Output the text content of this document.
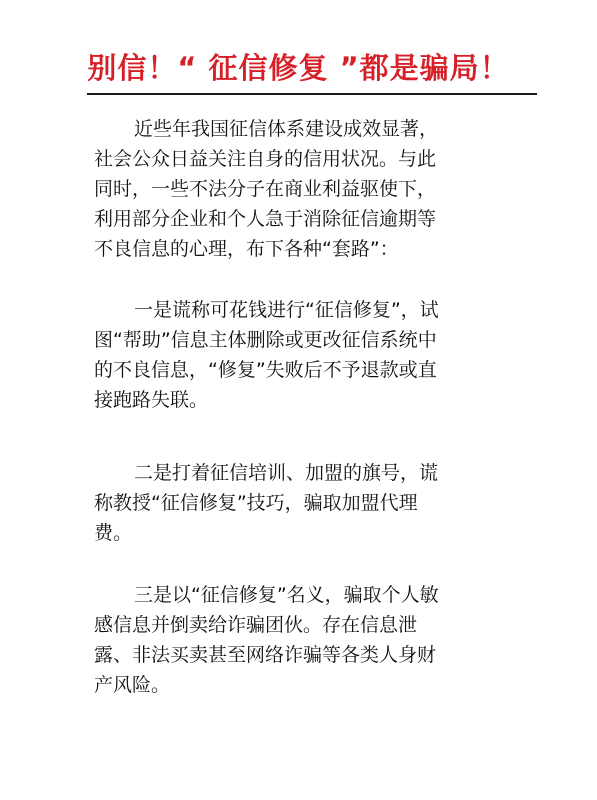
别信！“ 征信修复 ”都是骗局！
近些年我国征信体系建设成效显著，
社会公众日益关注自身的信用状况。与此
同时，一些不法分子在商业利益驱使下，
利用部分企业和个人急于消除征信逾期等
不良信息的心理，布下各种“套路”：
一是谎称可花钱进行“征信修复”，试
图“帮助”信息主体删除或更改征信系统中
的不良信息，“修复”失败后不予退款或直
接跑路失联。
二是打着征信培训、加盟的旗号，谎
称教授“征信修复”技巧，骗取加盟代理
费。
三是以“征信修复”名义，骗取个人敏
感信息并倒卖给诈骗团伙。存在信息泄
露、非法买卖甚至网络诈骗等各类人身财
产风险。
